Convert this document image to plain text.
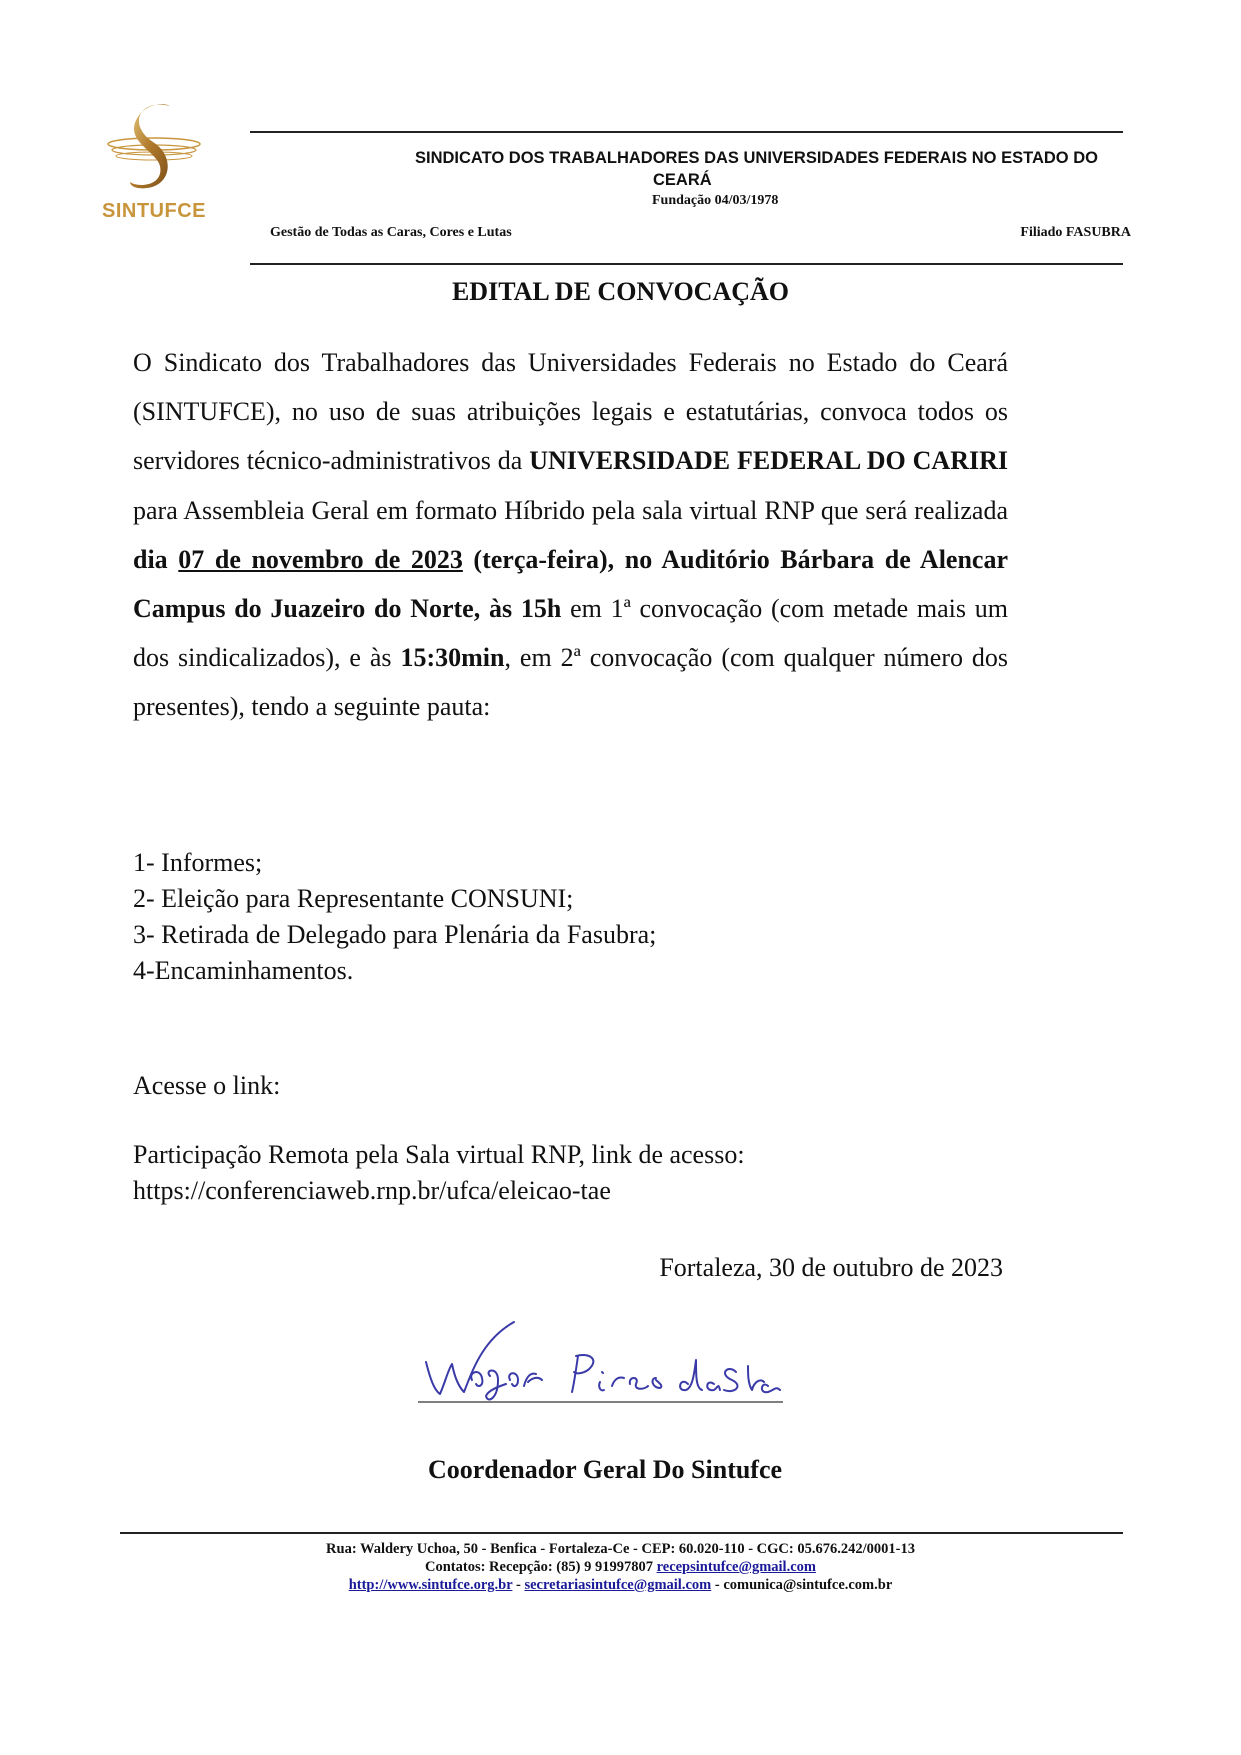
SINTUFCE
SINDICATO DOS TRABALHADORES DAS UNIVERSIDADES FEDERAIS NO ESTADO DO
CEARÁ
Fundação 04/03/1978
Gestão de Todas as Caras, Cores e Lutas	Filiado FASUBRA
EDITAL DE CONVOCAÇÃO

O Sindicato dos Trabalhadores das Universidades Federais no Estado do Ceará (SINTUFCE), no uso de suas atribuições legais e estatutárias, convoca todos os servidores técnico-administrativos da UNIVERSIDADE FEDERAL DO CARIRI para Assembleia Geral em formato Híbrido pela sala virtual RNP que será realizada dia 07 de novembro de 2023 (terça-feira), no Auditório Bárbara de Alencar Campus do Juazeiro do Norte, às 15h em 1ª convocação (com metade mais um dos sindicalizados), e às 15:30min, em 2ª convocação (com qualquer número dos presentes), tendo a seguinte pauta:

1- Informes;
2- Eleição para Representante CONSUNI;
3- Retirada de Delegado para Plenária da Fasubra;
4-Encaminhamentos.
Acesse o link:
Participação Remota pela Sala virtual RNP, link de acesso:
https://conferenciaweb.rnp.br/ufca/eleicao-tae
Fortaleza, 30 de outubro de 2023
Coordenador Geral Do Sintufce
Rua: Waldery Uchoa, 50 - Benfica - Fortaleza-Ce - CEP: 60.020-110 - CGC: 05.676.242/0001-13
Contatos: Recepção: (85) 9 91997807 recepsintufce@gmail.com
http://www.sintufce.org.br - secretariasintufce@gmail.com - comunica@sintufce.com.br
